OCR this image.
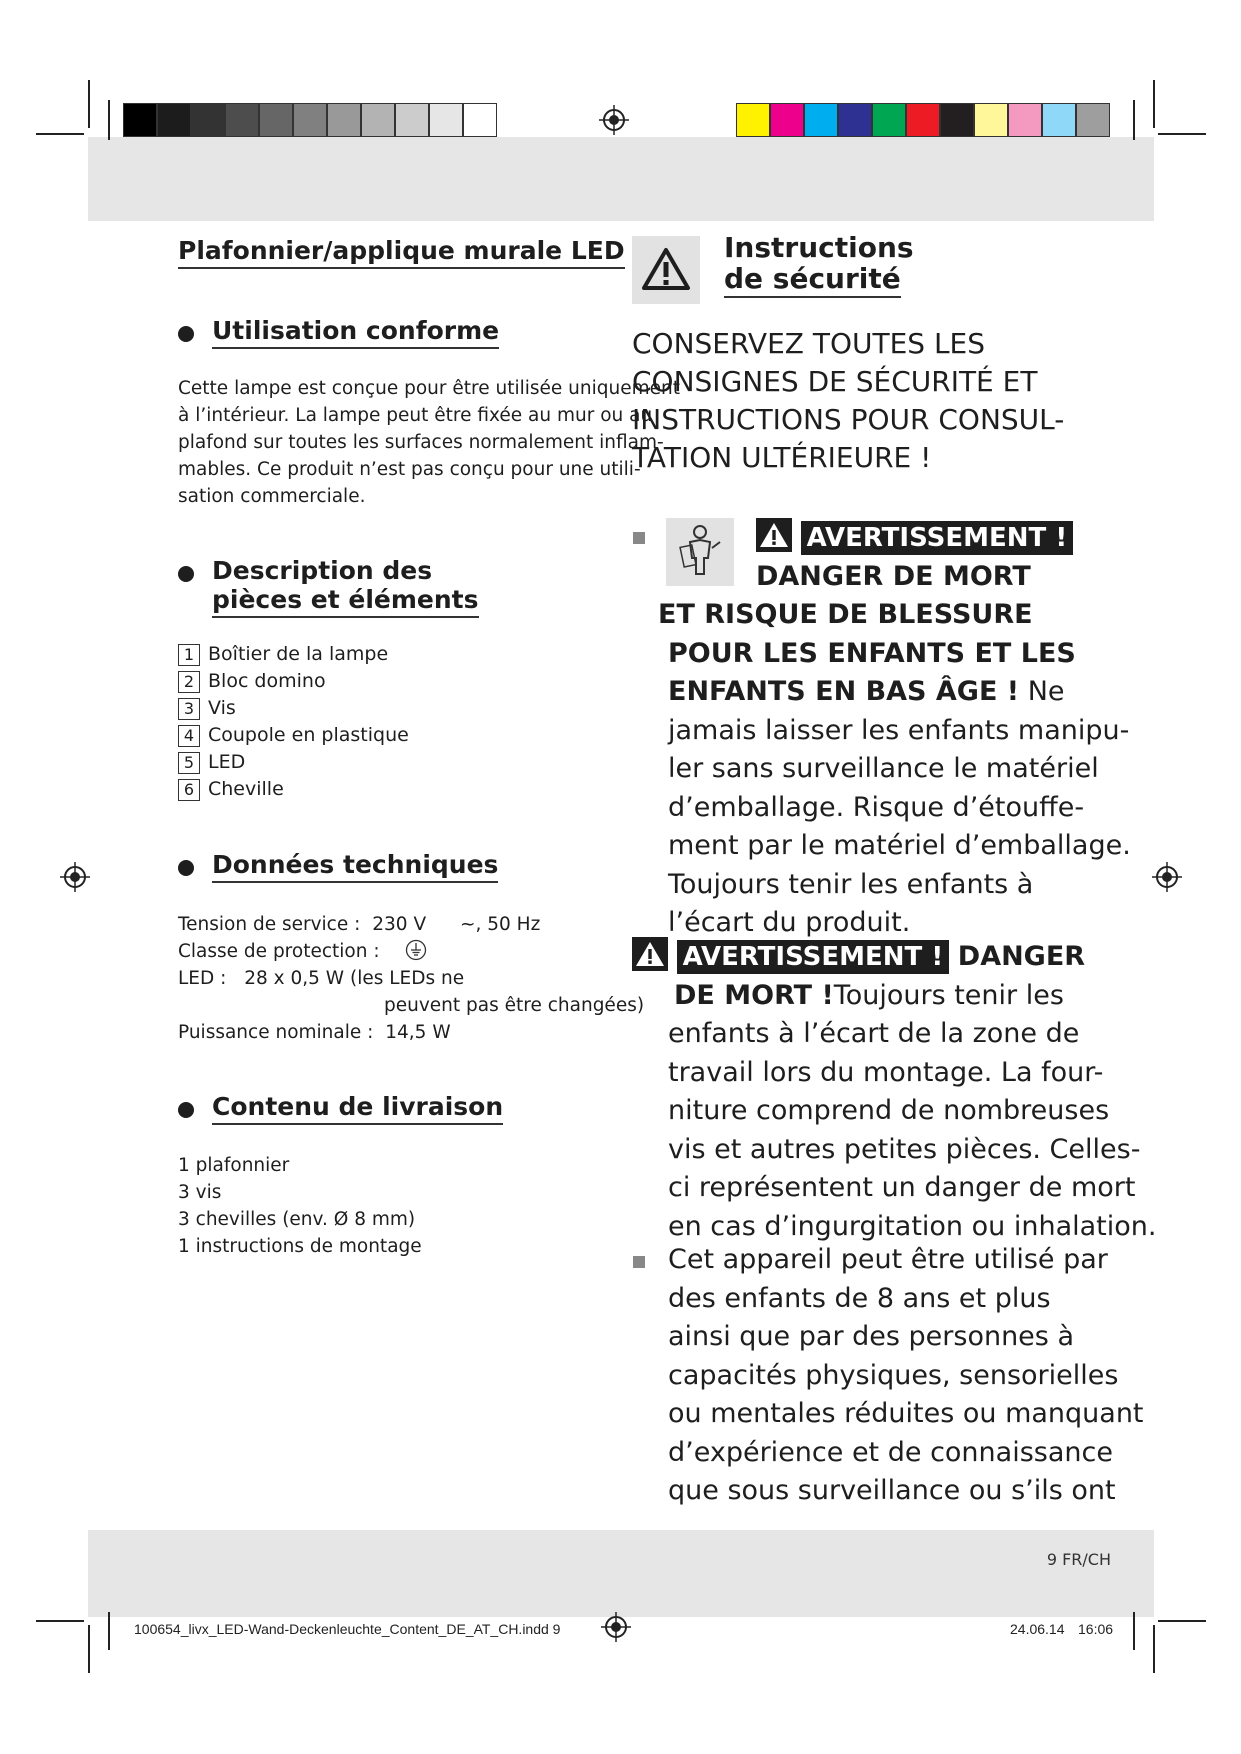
Plafonnier/applique murale LED
Utilisation conforme
Cette lampe est conçue pour être utilisée uniquement
à l’intérieur. La lampe peut être fixée au mur ou au
plafond sur toutes les surfaces normalement inflam-
mables. Ce produit n’est pas conçu pour une utili-
sation commerciale.
Description des
pièces et éléments
1 Boîtier de la lampe
2 Bloc domino
3 Vis
4 Coupole en plastique
5 LED
6 Cheville
Données techniques
Tension de service : 230 V ~, 50 Hz
Classe de protection :
LED : 28 x 0,5 W (les LEDs ne
peuvent pas être changées)
Puissance nominale : 14,5 W
Contenu de livraison
1 plafonnier
3 vis
3 chevilles (env. Ø 8 mm)
1 instructions de montage
Instructions
de sécurité
CONSERVEZ TOUTES LES
CONSIGNES DE SÉCURITÉ ET
INSTRUCTIONS POUR CONSUL-
TATION ULTÉRIEURE !
AVERTISSEMENT !
DANGER DE MORT
ET RISQUE DE BLESSURE
POUR LES ENFANTS ET LES
ENFANTS EN BAS ÂGE ! Ne
jamais laisser les enfants manipu-
ler sans surveillance le matériel
d’emballage. Risque d’étouffe-
ment par le matériel d’emballage.
Toujours tenir les enfants à
l’écart du produit.
AVERTISSEMENT ! DANGER
DE MORT !Toujours tenir les
enfants à l’écart de la zone de
travail lors du montage. La four-
niture comprend de nombreuses
vis et autres petites pièces. Celles-
ci représentent un danger de mort
en cas d’ingurgitation ou inhalation.
Cet appareil peut être utilisé par
des enfants de 8 ans et plus
ainsi que par des personnes à
capacités physiques, sensorielles
ou mentales réduites ou manquant
d’expérience et de connaissance
que sous surveillance ou s’ils ont
9 FR/CH
100654_livx_LED-Wand-Deckenleuchte_Content_DE_AT_CH.indd 9	24.06.14 16:06
